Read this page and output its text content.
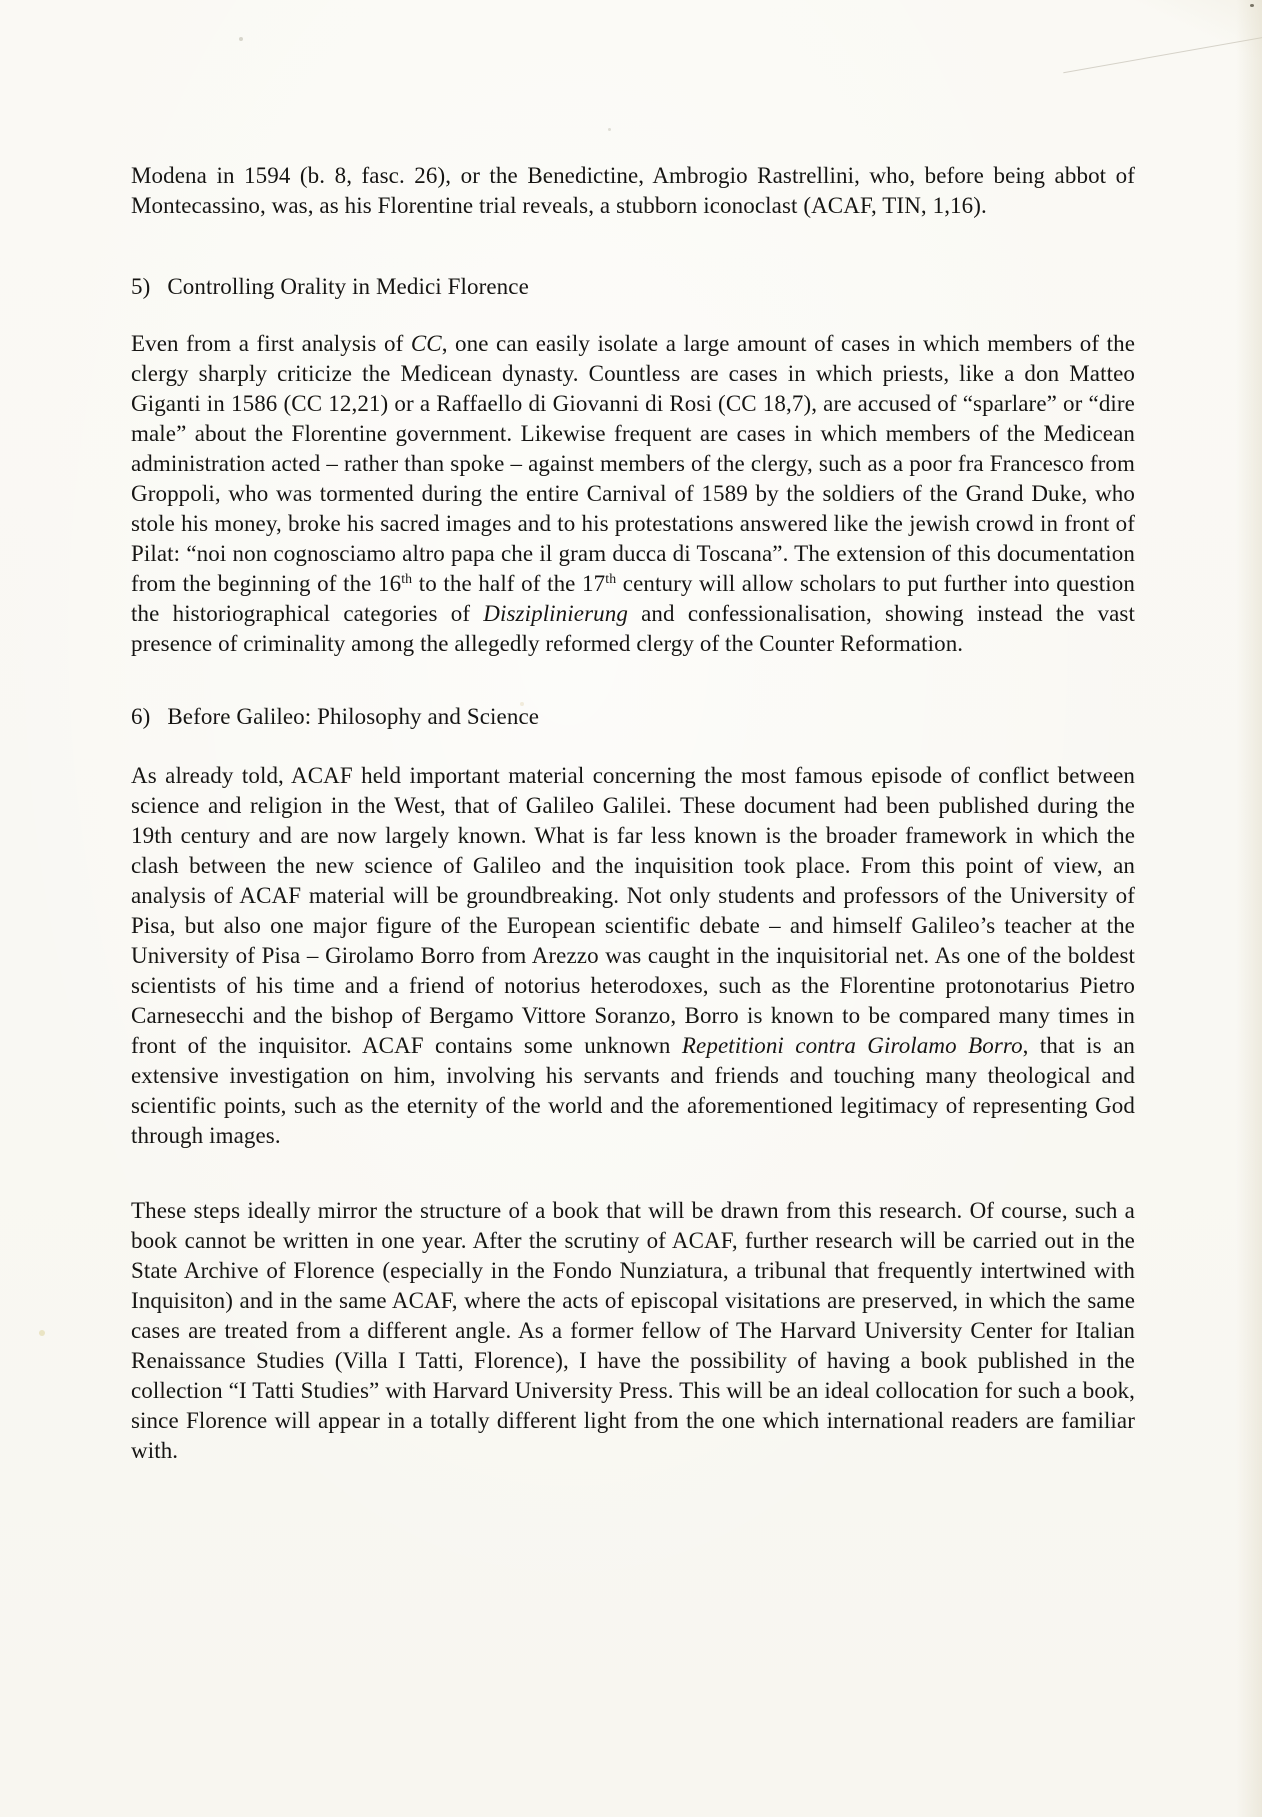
Modena in 1594 (b. 8, fasc. 26), or the Benedictine, Ambrogio Rastrellini, who, before being abbot of Montecassino, was, as his Florentine trial reveals, a stubborn iconoclast (ACAF, TIN, 1,16).

5) Controlling Orality in Medici Florence

Even from a first analysis of CC, one can easily isolate a large amount of cases in which members of the clergy sharply criticize the Medicean dynasty. Countless are cases in which priests, like a don Matteo Giganti in 1586 (CC 12,21) or a Raffaello di Giovanni di Rosi (CC 18,7), are accused of “sparlare” or “dire male” about the Florentine government. Likewise frequent are cases in which members of the Medicean administration acted – rather than spoke – against members of the clergy, such as a poor fra Francesco from Groppoli, who was tormented during the entire Carnival of 1589 by the soldiers of the Grand Duke, who stole his money, broke his sacred images and to his protestations answered like the jewish crowd in front of Pilat: “noi non cognosciamo altro papa che il gram ducca di Toscana”. The extension of this documentation from the beginning of the 16th to the half of the 17th century will allow scholars to put further into question the historiographical categories of Disziplinierung and confessionalisation, showing instead the vast presence of criminality among the allegedly reformed clergy of the Counter Reformation.

6) Before Galileo: Philosophy and Science

As already told, ACAF held important material concerning the most famous episode of conflict between science and religion in the West, that of Galileo Galilei. These document had been published during the 19th century and are now largely known. What is far less known is the broader framework in which the clash between the new science of Galileo and the inquisition took place. From this point of view, an analysis of ACAF material will be groundbreaking. Not only students and professors of the University of Pisa, but also one major figure of the European scientific debate – and himself Galileo’s teacher at the University of Pisa – Girolamo Borro from Arezzo was caught in the inquisitorial net. As one of the boldest scientists of his time and a friend of notorius heterodoxes, such as the Florentine protonotarius Pietro Carnesecchi and the bishop of Bergamo Vittore Soranzo, Borro is known to be compared many times in front of the inquisitor. ACAF contains some unknown Repetitioni contra Girolamo Borro, that is an extensive investigation on him, involving his servants and friends and touching many theological and scientific points, such as the eternity of the world and the aforementioned legitimacy of representing God through images.

These steps ideally mirror the structure of a book that will be drawn from this research. Of course, such a book cannot be written in one year. After the scrutiny of ACAF, further research will be carried out in the State Archive of Florence (especially in the Fondo Nunziatura, a tribunal that frequently intertwined with Inquisiton) and in the same ACAF, where the acts of episcopal visitations are preserved, in which the same cases are treated from a different angle. As a former fellow of The Harvard University Center for Italian Renaissance Studies (Villa I Tatti, Florence), I have the possibility of having a book published in the collection “I Tatti Studies” with Harvard University Press. This will be an ideal collocation for such a book, since Florence will appear in a totally different light from the one which international readers are familiar with.
